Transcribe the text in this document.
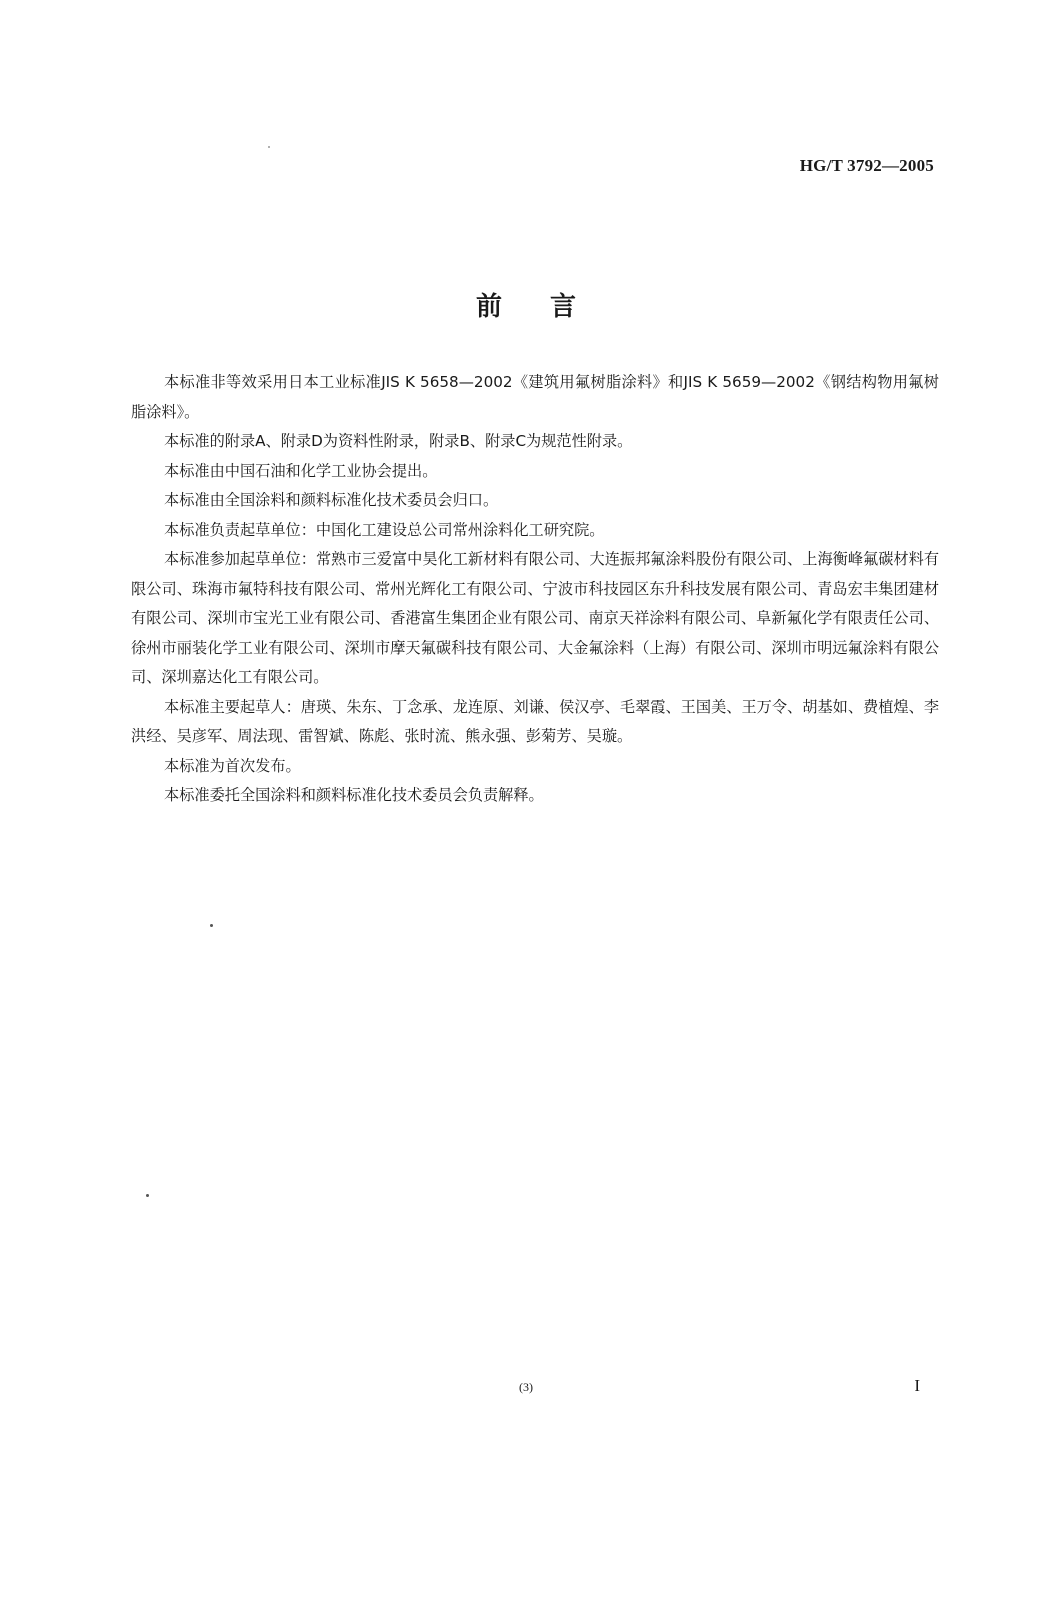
HG/T 3792—2005
前言

本标准非等效采用日本工业标准JIS K 5658—2002《建筑用氟树脂涂料》和JIS K 5659—2002《钢结构物用氟树脂涂料》。

本标准的附录A、附录D为资料性附录，附录B、附录C为规范性附录。

本标准由中国石油和化学工业协会提出。

本标准由全国涂料和颜料标准化技术委员会归口。

本标准负责起草单位：中国化工建设总公司常州涂料化工研究院。

本标准参加起草单位：常熟市三爱富中昊化工新材料有限公司、大连振邦氟涂料股份有限公司、上海衡峰氟碳材料有限公司、珠海市氟特科技有限公司、常州光辉化工有限公司、宁波市科技园区东升科技发展有限公司、青岛宏丰集团建材有限公司、深圳市宝光工业有限公司、香港富生集团企业有限公司、南京天祥涂料有限公司、阜新氟化学有限责任公司、徐州市丽装化学工业有限公司、深圳市摩天氟碳科技有限公司、大金氟涂料（上海）有限公司、深圳市明远氟涂料有限公司、深圳嘉达化工有限公司。

本标准主要起草人：唐瑛、朱东、丁念承、龙连原、刘谦、侯汉亭、毛翠霞、王国美、王万令、胡基如、费植煌、李洪经、吴彦军、周法现、雷智斌、陈彪、张时流、熊永强、彭菊芳、吴璇。

本标准为首次发布。

本标准委托全国涂料和颜料标准化技术委员会负责解释。

(3)	I
